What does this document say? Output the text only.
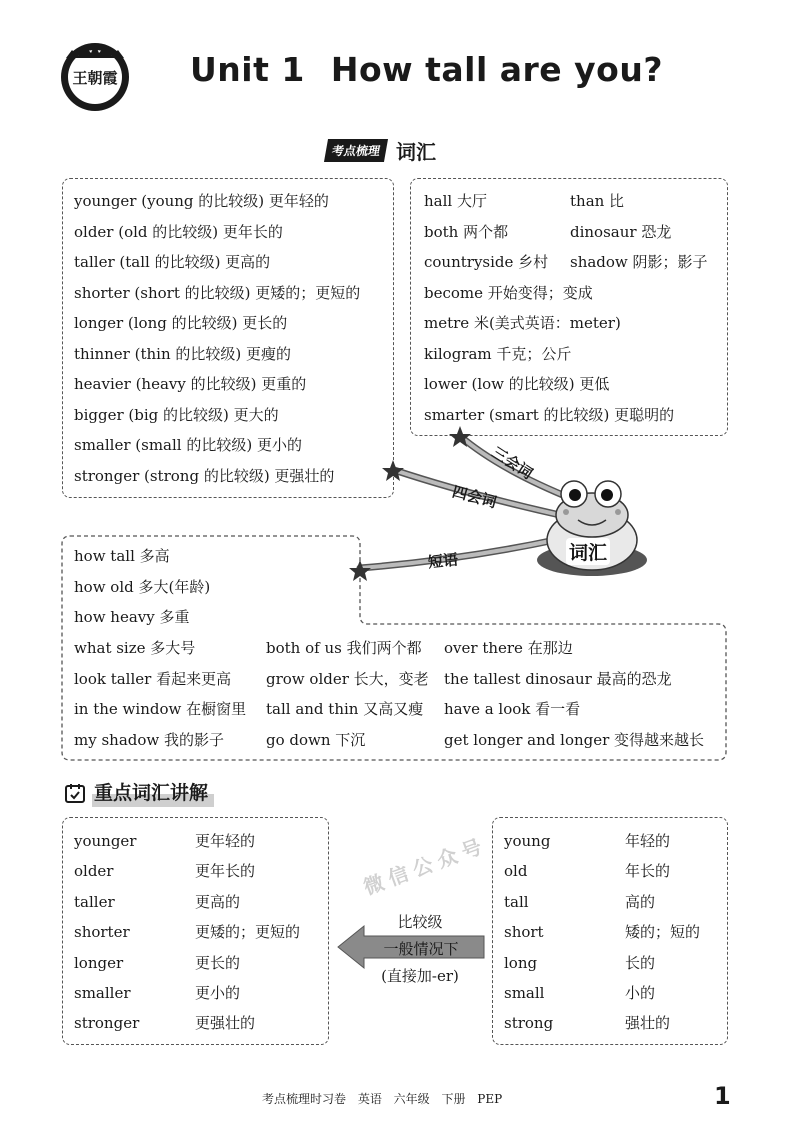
王朝霞 Unit 1 How tall are you?
考点梳理 词汇
younger (young 的比较级) 更年轻的
older (old 的比较级) 更年长的
taller (tall 的比较级) 更高的
shorter (short 的比较级) 更矮的；更短的
longer (long 的比较级) 更长的
thinner (thin 的比较级) 更瘦的
heavier (heavy 的比较级) 更重的
bigger (big 的比较级) 更大的
smaller (small 的比较级) 更小的
stronger (strong 的比较级) 更强壮的
hall 大厅	than 比
both 两个都	dinosaur 恐龙
countryside 乡村 shadow 阴影；影子
become 开始变得；变成
metre 米(美式英语：meter)
kilogram 千克；公斤
lower (low 的比较级) 更低
smarter (smart 的比较级) 更聪明的
三会词
四会词
短语	词汇
how tall 多高
how old 多大(年龄)
how heavy 多重
what size 多大号	both of us 我们两个都 over there 在那边
look taller 看起来更高 grow older 长大，变老 the tallest dinosaur 最高的恐龙
in the window 在橱窗里 tall and thin 又高又瘦 have a look 看一看
my shadow 我的影子	go down 下沉	get longer and longer 变得越来越长
重点词汇讲解
微信公众号
younger	更年轻的
older	更年长的
taller	更高的
shorter	更矮的；更短的
longer	更长的
smaller	更小的
stronger	更强壮的
young	年轻的
old	年长的
tall	高的
short	矮的；短的
long	长的
small	小的
strong	强壮的
比较级
一般情况下
(直接加-er)
考点梳理时习卷 英语 六年级 下册 PEP	1
